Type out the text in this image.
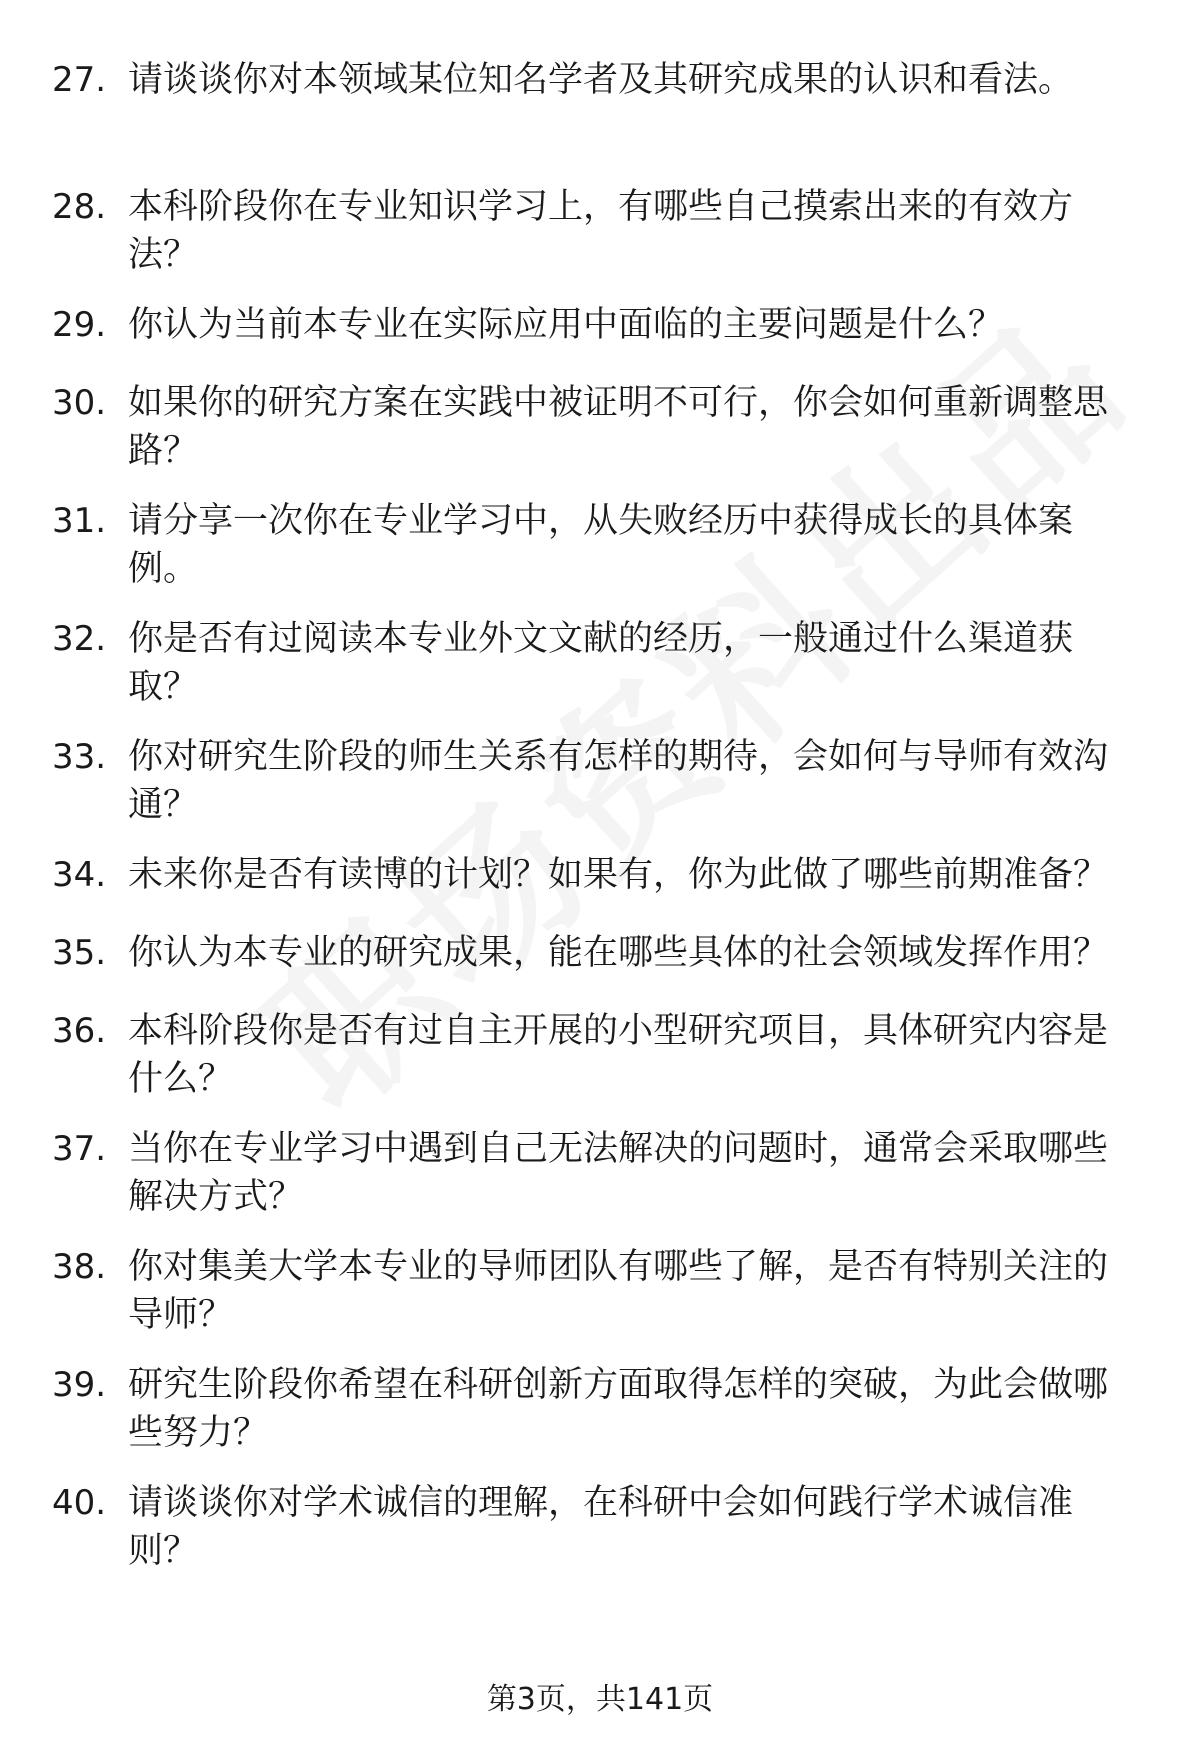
27. 请谈谈你对本领域某位知名学者及其研究成果的认识和看法。
28. 本科阶段你在专业知识学习上，有哪些自己摸索出来的有效方法？
29. 你认为当前本专业在实际应用中面临的主要问题是什么？
30. 如果你的研究方案在实践中被证明不可行，你会如何重新调整思路？
31. 请分享一次你在专业学习中，从失败经历中获得成长的具体案例。
32. 你是否有过阅读本专业外文文献的经历，一般通过什么渠道获取？
33. 你对研究生阶段的师生关系有怎样的期待，会如何与导师有效沟通？
34. 未来你是否有读博的计划？如果有，你为此做了哪些前期准备？
35. 你认为本专业的研究成果，能在哪些具体的社会领域发挥作用？
36. 本科阶段你是否有过自主开展的小型研究项目，具体研究内容是什么？
37. 当你在专业学习中遇到自己无法解决的问题时，通常会采取哪些解决方式？
38. 你对集美大学本专业的导师团队有哪些了解，是否有特别关注的导师？
39. 研究生阶段你希望在科研创新方面取得怎样的突破，为此会做哪些努力？
40. 请谈谈你对学术诚信的理解，在科研中会如何践行学术诚信准则？
第3页，共141页
